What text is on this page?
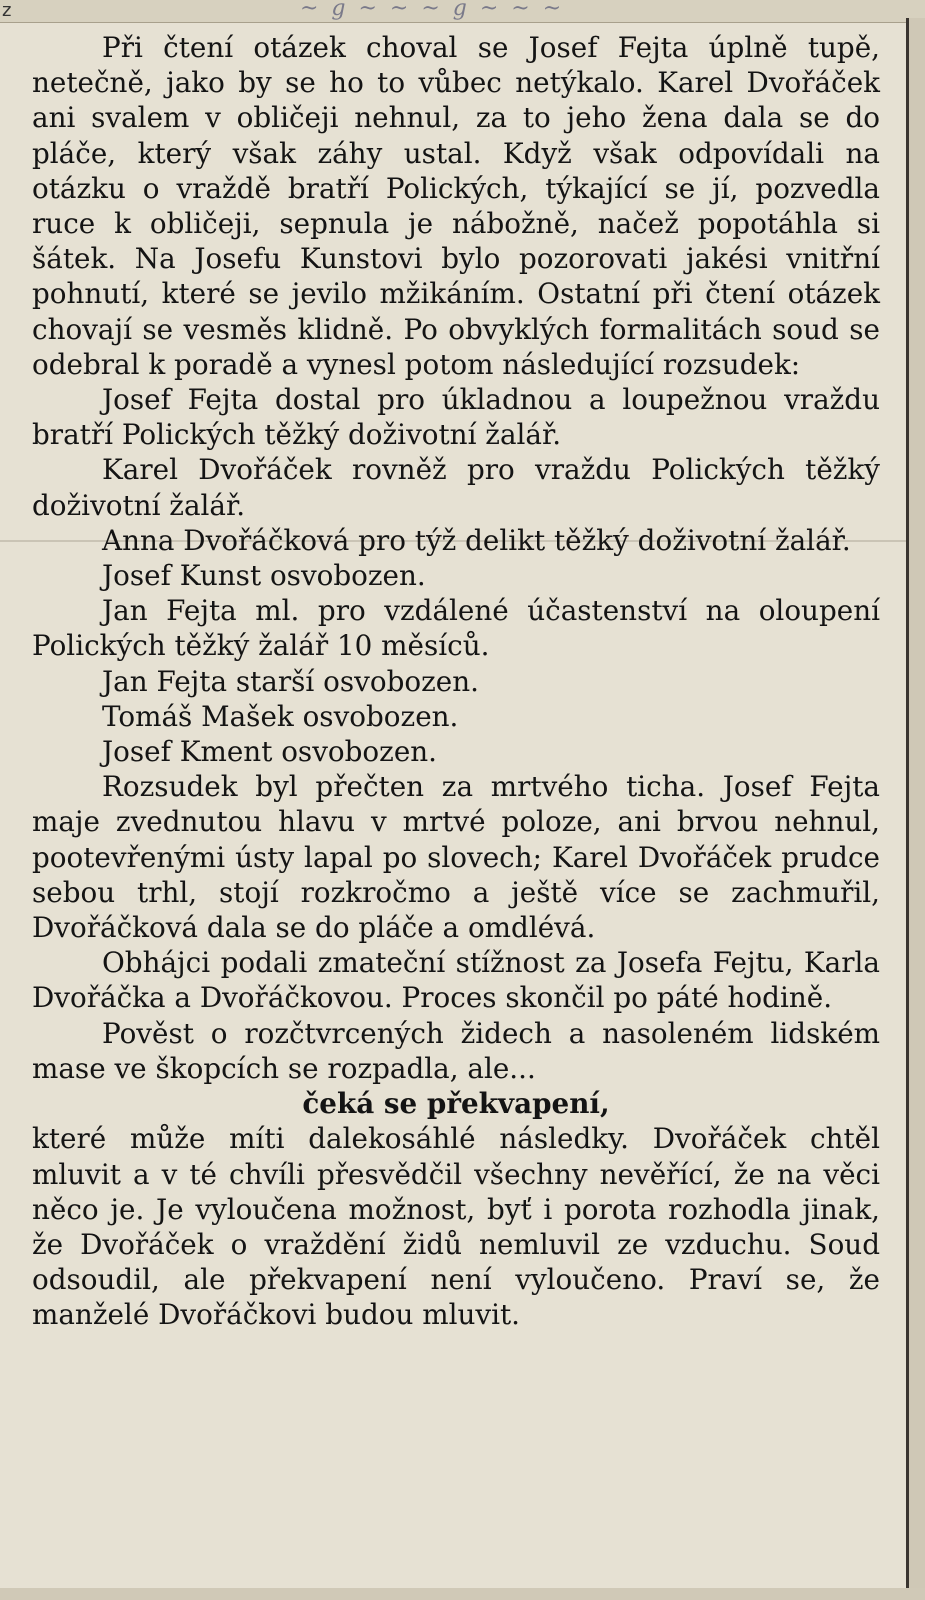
z	~ g ~ ~ ~ g ~ ~ ~

Při čtení otázek choval se Josef Fejta úplně tupě, netečně, jako by se ho to vůbec netýkalo. Karel Dvořáček ani svalem v obličeji nehnul, za to jeho žena dala se do pláče, který však záhy ustal. Když však odpovídali na otázku o vraždě bratří Polických, týkající se jí, pozvedla ruce k obličeji, sepnula je nábožně, načež popotáhla si šátek. Na Josefu Kunstovi bylo pozorovati jakési vnitřní pohnutí, které se jevilo mžikáním. Ostatní při čtení otázek chovají se vesměs klidně. Po obvyklých formalitách soud se odebral k poradě a vynesl potom následující rozsudek:

Josef Fejta dostal pro úkladnou a loupežnou vraždu bratří Polických těžký doživotní žalář.

Karel Dvořáček rovněž pro vraždu Polických těžký doživotní žalář.

Anna Dvořáčková pro týž delikt těžký doživotní žalář.

Josef Kunst osvobozen.

Jan Fejta ml. pro vzdálené účastenství na oloupení Polických těžký žalář 10 měsíců.

Jan Fejta starší osvobozen.

Tomáš Mašek osvobozen.

Josef Kment osvobozen.

Rozsudek byl přečten za mrtvého ticha. Josef Fejta maje zvednutou hlavu v mrtvé poloze, ani brvou nehnul, pootevřenými ústy lapal po slovech; Karel Dvořáček prudce sebou trhl, stojí rozkročmo a ještě více se zachmuřil, Dvořáčková dala se do pláče a omdlévá.

Obhájci podali zmateční stížnost za Josefa Fejtu, Karla Dvořáčka a Dvořáčkovou. Proces skončil po páté hodině.

Pověst o rozčtvrcených židech a nasoleném lidském mase ve škopcích se rozpadla, ale...

čeká se překvapení,

které může míti dalekosáhlé následky. Dvořáček chtěl mluvit a v té chvíli přesvědčil všechny nevěřící, že na věci něco je. Je vyloučena možnost, byť i porota rozhodla jinak, že Dvořáček o vraždění židů nemluvil ze vzduchu. Soud odsoudil, ale překvapení není vyloučeno. Praví se, že manželé Dvořáčkovi budou mluvit.
